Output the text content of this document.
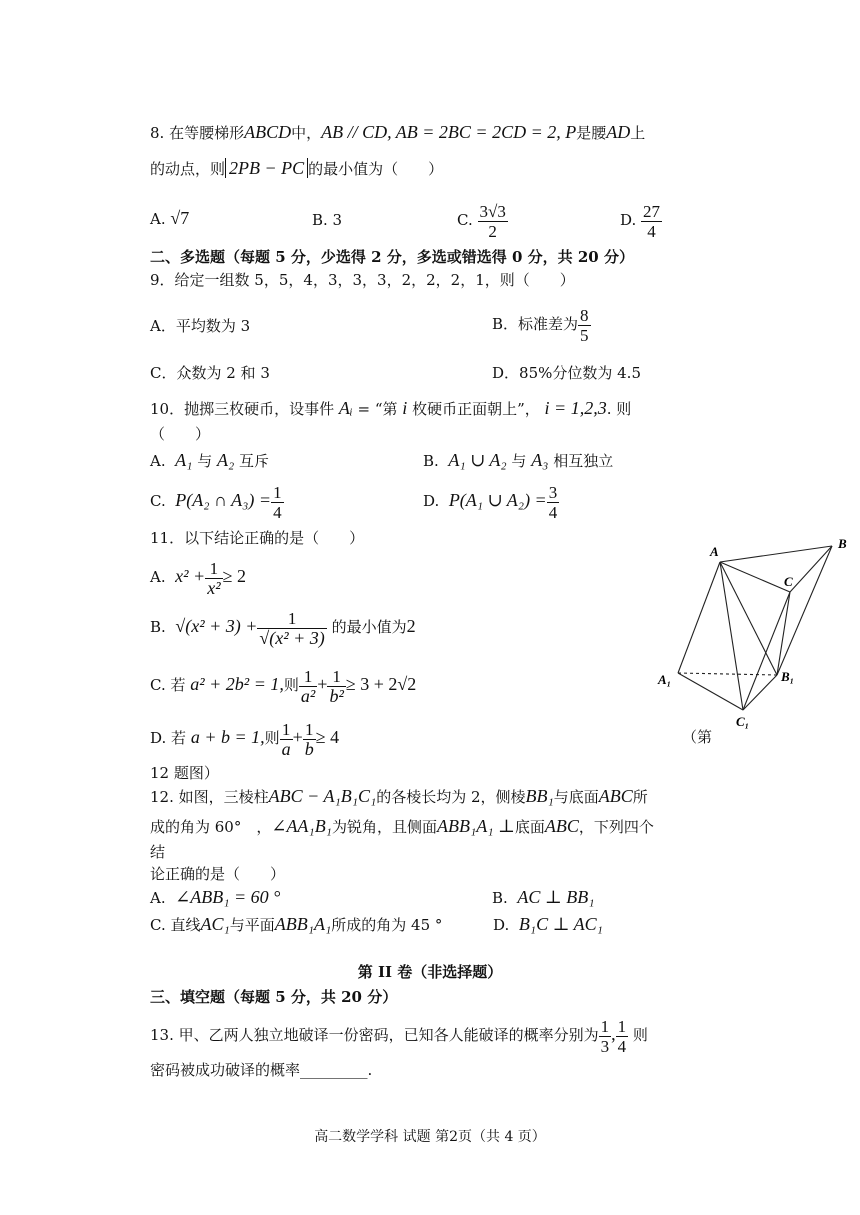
8. 在等腰梯形ABCD中，AB // CD, AB = 2BC = 2CD = 2, P是腰AD上
的动点，则 2PB − PC 的最小值为（　　）
A. √7	B. 3	C. $\frac{3√3}{2}$	D. $\frac{27}{4}$
二、多选题（每题 5 分，少选得 2 分，多选或错选得 0 分，共 20 分）
9．给定一组数 5，5，4，3，3，3，2，2，2，1，则（　　）
A．平均数为 3	B．标准差为 $\frac{8}{5}$
C．众数为 2 和 3	D．85%分位数为 4.5
10．抛掷三枚硬币，设事件 Aᵢ = “第 i 枚硬币正面朝上”， i = 1,2,3. 则
（　　）
A. A₁ 与 A₂ 互斥	B. A₁ ∪ A₂ 与 A₃ 相互独立
C. P(A₂ ∩ $A_3) = \frac{1}{4}$	D. P(A₁ ∪ $A_2) = \frac{3}{4}$
11．以下结论正确的是（　　）
A. $x^2 + \frac{1}{\text{x²}} \ge 2$
B. $√(x^2 + 3) + \frac{1}{\text{√(x² + 3)}}$ 的最小值为2
C. 若 a² + 2b² = 1,则 $\frac{1}{\text{a²}} + \frac{1}{\text{b²}} \ge 3 + 2√2$
D. 若 a + b = 1,则 $\frac{1}{a} + \frac{1}{b} \ge 4$	（第
12 题图）
A
B
C
A₁	B₁
C₁
12. 如图，三棱柱ABC − A₁B₁C₁的各棱长均为 2，侧棱BB₁与底面ABC所
成的角为 60°　，∠AA₁B₁为锐角，且侧面ABB₁A₁ ⊥底面ABC，下列四个
结
论正确的是（　　）
A. ∠ABB₁ = 60 °	B. AC ⊥ BB₁
C. 直线AC₁与平面ABB₁A₁所成的角为 45 °	D. B₁C ⊥ AC₁
第 II 卷（非选择题）
三、填空题（每题 5 分，共 20 分）
13. 甲、乙两人独立地破译一份密码，已知各人能破译的概率分别为 $\frac{1}{3}$ , $\frac{1}{4}$ 则
密码被成功破译的概率_________.
高二数学学科 试题 第2页（共 4 页）
